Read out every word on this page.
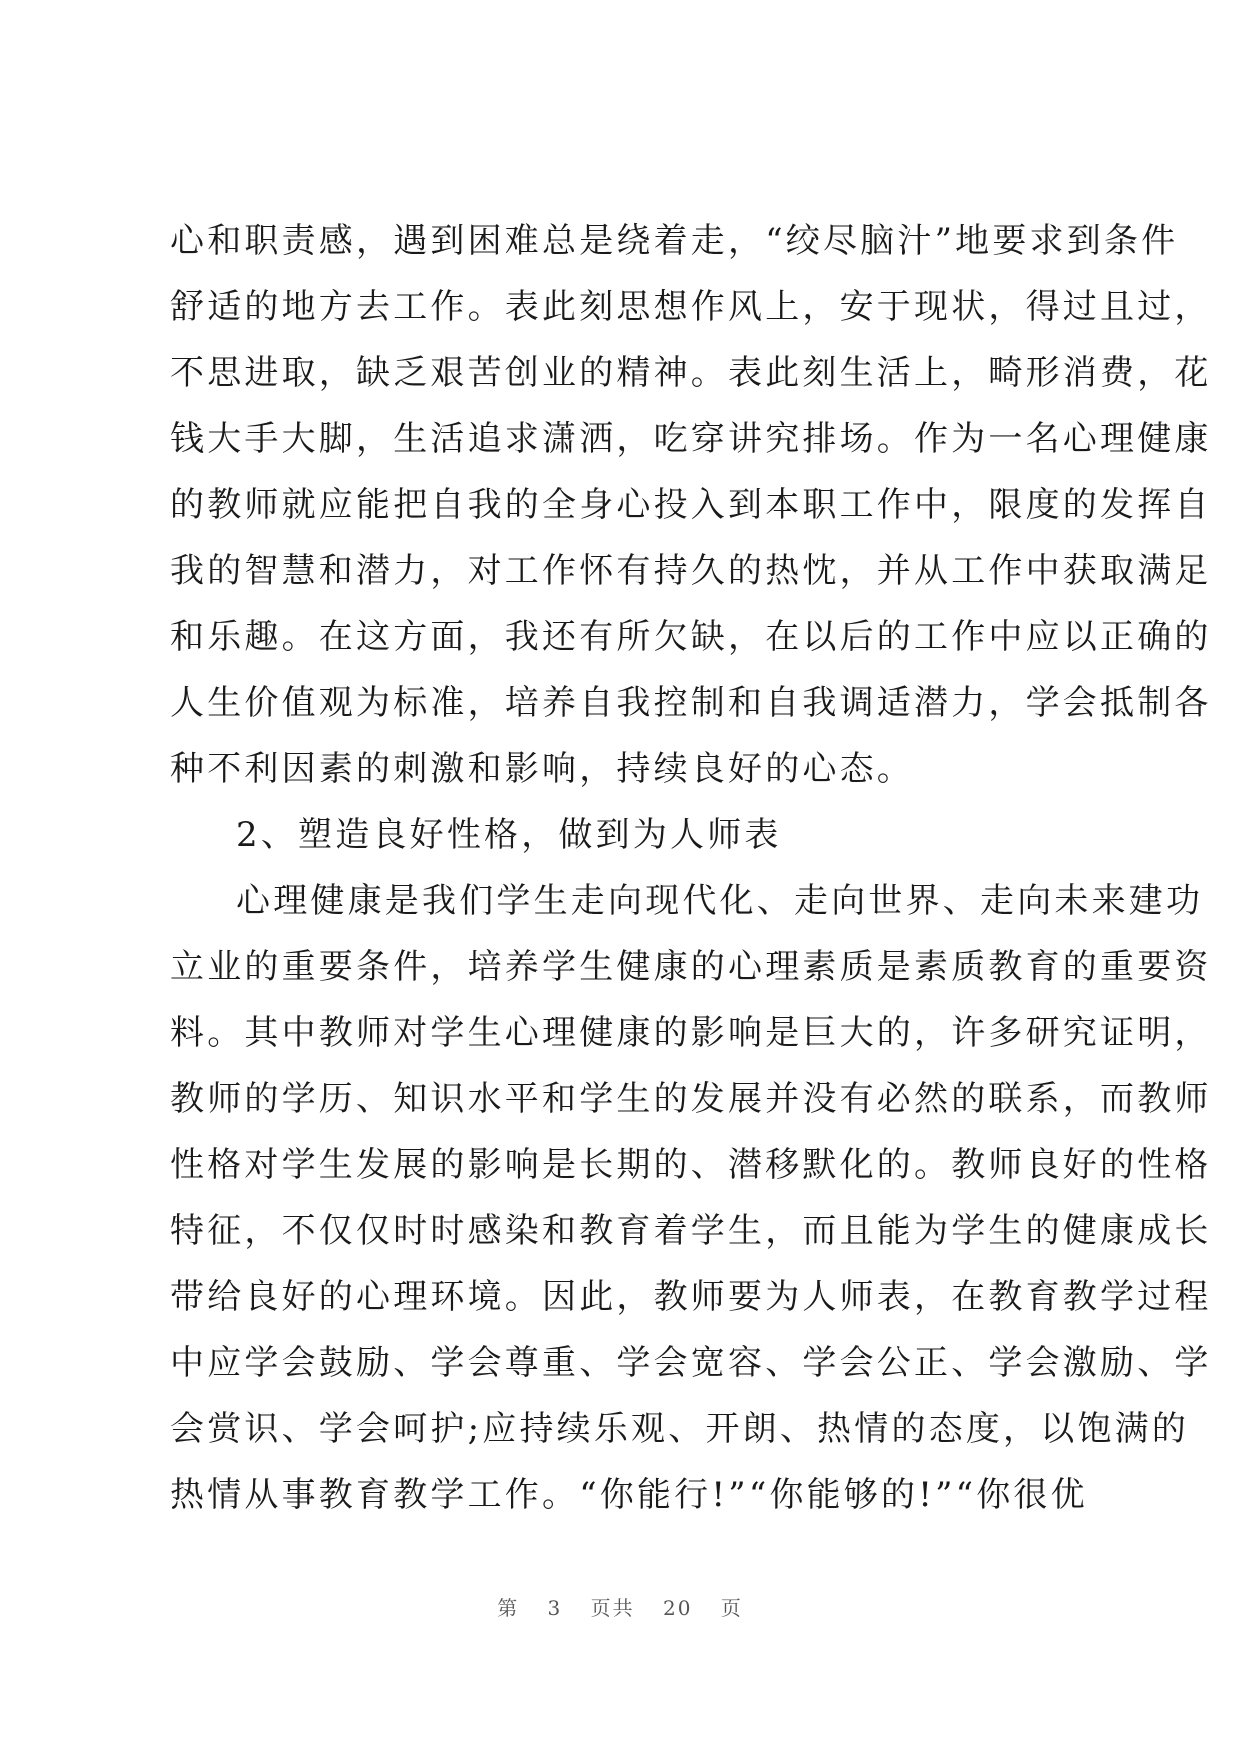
心和职责感，遇到困难总是绕着走，“绞尽脑汁”地要求到条件
舒适的地方去工作。表此刻思想作风上，安于现状，得过且过，
不思进取，缺乏艰苦创业的精神。表此刻生活上，畸形消费，花
钱大手大脚，生活追求潇洒，吃穿讲究排场。作为一名心理健康
的教师就应能把自我的全身心投入到本职工作中，限度的发挥自
我的智慧和潜力，对工作怀有持久的热忱，并从工作中获取满足
和乐趣。在这方面，我还有所欠缺，在以后的工作中应以正确的
人生价值观为标准，培养自我控制和自我调适潜力，学会抵制各
种不利因素的刺激和影响，持续良好的心态。
2、塑造良好性格，做到为人师表
心理健康是我们学生走向现代化、走向世界、走向未来建功
立业的重要条件，培养学生健康的心理素质是素质教育的重要资
料。其中教师对学生心理健康的影响是巨大的，许多研究证明，
教师的学历、知识水平和学生的发展并没有必然的联系，而教师
性格对学生发展的影响是长期的、潜移默化的。教师良好的性格
特征，不仅仅时时感染和教育着学生，而且能为学生的健康成长
带给良好的心理环境。因此，教师要为人师表，在教育教学过程
中应学会鼓励、学会尊重、学会宽容、学会公正、学会激励、学
会赏识、学会呵护;应持续乐观、开朗、热情的态度，以饱满的
热情从事教育教学工作。“你能行!”“你能够的!”“你很优
第 3 页共 20 页
